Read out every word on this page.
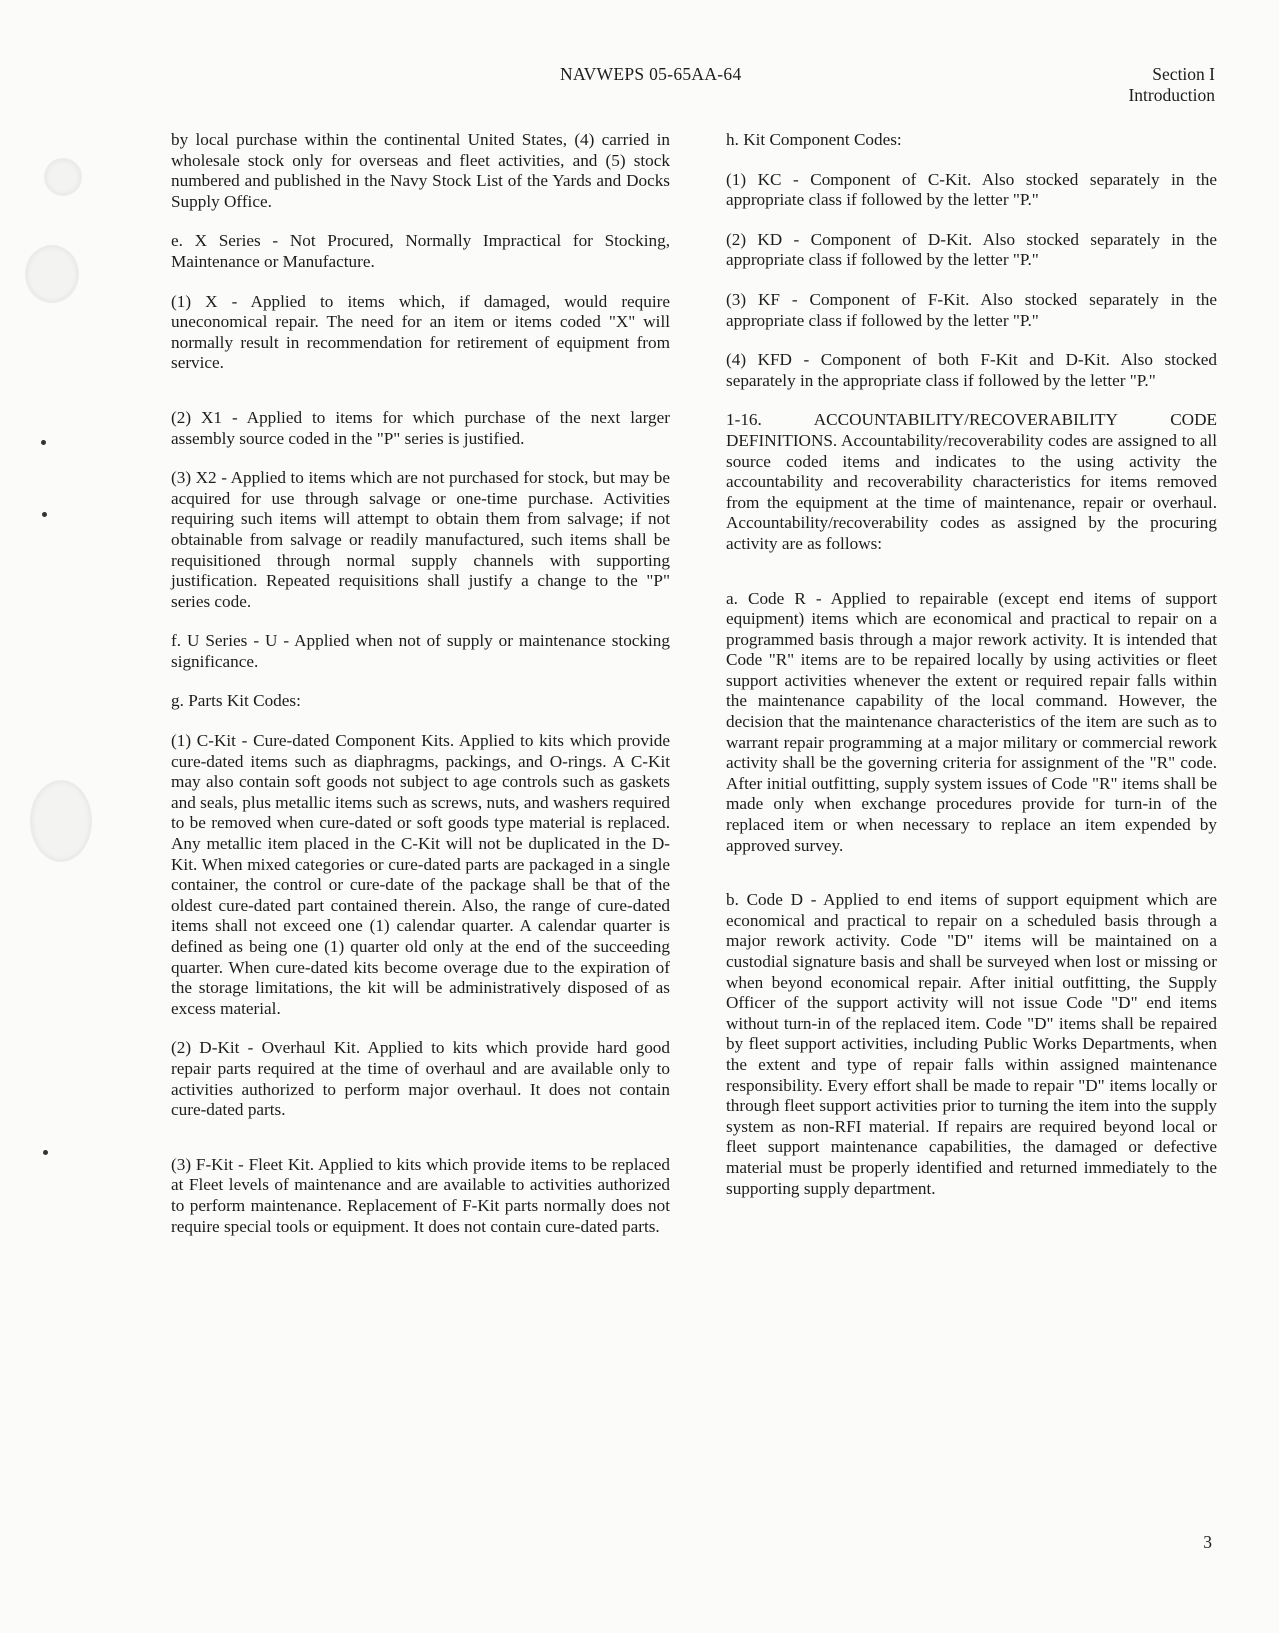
NAVWEPS 05-65AA-64	Section I
Introduction

by local purchase within the continental United States, (4) carried in wholesale stock only for overseas and fleet activities, and (5) stock numbered and published in the Navy Stock List of the Yards and Docks Supply Office.

e. X Series - Not Procured, Normally Impractical for Stocking, Maintenance or Manufacture.

(1) X - Applied to items which, if damaged, would require uneconomical repair. The need for an item or items coded "X" will normally result in recommendation for retirement of equipment from service.

(2) X1 - Applied to items for which purchase of the next larger assembly source coded in the "P" series is justified.

(3) X2 - Applied to items which are not purchased for stock, but may be acquired for use through salvage or one-time purchase. Activities requiring such items will attempt to obtain them from salvage; if not obtainable from salvage or readily manufactured, such items shall be requisitioned through normal supply channels with supporting justification. Repeated requisitions shall justify a change to the "P" series code.

f. U Series - U - Applied when not of supply or maintenance stocking significance.

g. Parts Kit Codes:

(1) C-Kit - Cure-dated Component Kits. Applied to kits which provide cure-dated items such as diaphragms, packings, and O-rings. A C-Kit may also contain soft goods not subject to age controls such as gaskets and seals, plus metallic items such as screws, nuts, and washers required to be removed when cure-dated or soft goods type material is replaced. Any metallic item placed in the C-Kit will not be duplicated in the D-Kit. When mixed categories or cure-dated parts are packaged in a single container, the control or cure-date of the package shall be that of the oldest cure-dated part contained therein. Also, the range of cure-dated items shall not exceed one (1) calendar quarter. A calendar quarter is defined as being one (1) quarter old only at the end of the succeeding quarter. When cure-dated kits become overage due to the expiration of the storage limitations, the kit will be administratively disposed of as excess material.

(2) D-Kit - Overhaul Kit. Applied to kits which provide hard good repair parts required at the time of overhaul and are available only to activities authorized to perform major overhaul. It does not contain cure-dated parts.

(3) F-Kit - Fleet Kit. Applied to kits which provide items to be replaced at Fleet levels of maintenance and are available to activities authorized to perform maintenance. Replacement of F-Kit parts normally does not require special tools or equipment. It does not contain cure-dated parts.

h. Kit Component Codes:

(1) KC - Component of C-Kit. Also stocked separately in the appropriate class if followed by the letter "P."

(2) KD - Component of D-Kit. Also stocked separately in the appropriate class if followed by the letter "P."

(3) KF - Component of F-Kit. Also stocked separately in the appropriate class if followed by the letter "P."

(4) KFD - Component of both F-Kit and D-Kit. Also stocked separately in the appropriate class if followed by the letter "P."

1-16. ACCOUNTABILITY/RECOVERABILITY CODE DEFINITIONS. Accountability/recoverability codes are assigned to all source coded items and indicates to the using activity the accountability and recoverability characteristics for items removed from the equipment at the time of maintenance, repair or overhaul. Accountability/recoverability codes as assigned by the procuring activity are as follows:

a. Code R - Applied to repairable (except end items of support equipment) items which are economical and practical to repair on a programmed basis through a major rework activity. It is intended that Code "R" items are to be repaired locally by using activities or fleet support activities whenever the extent or required repair falls within the maintenance capability of the local command. However, the decision that the maintenance characteristics of the item are such as to warrant repair programming at a major military or commercial rework activity shall be the governing criteria for assignment of the "R" code. After initial outfitting, supply system issues of Code "R" items shall be made only when exchange procedures provide for turn-in of the replaced item or when necessary to replace an item expended by approved survey.

b. Code D - Applied to end items of support equipment which are economical and practical to repair on a scheduled basis through a major rework activity. Code "D" items will be maintained on a custodial signature basis and shall be surveyed when lost or missing or when beyond economical repair. After initial outfitting, the Supply Officer of the support activity will not issue Code "D" end items without turn-in of the replaced item. Code "D" items shall be repaired by fleet support activities, including Public Works Departments, when the extent and type of repair falls within assigned maintenance responsibility. Every effort shall be made to repair "D" items locally or through fleet support activities prior to turning the item into the supply system as non-RFI material. If repairs are required beyond local or fleet support maintenance capabilities, the damaged or defective material must be properly identified and returned immediately to the supporting supply department.

3
